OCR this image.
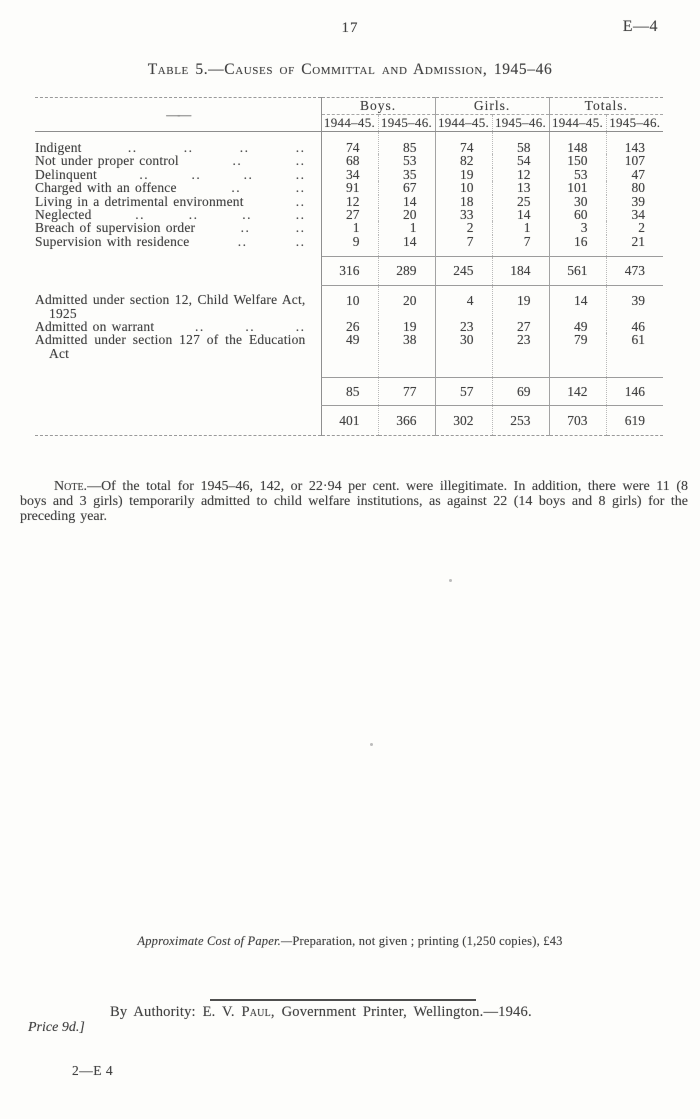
17	E—4
Table 5.—Causes of Committal and Admission, 1945–46
——	Boys.		Girls.		Totals.	
	1944–45.	1945–46.	1944–45.	1945–46.	1944–45.	1945–46.

Indigent .. .. .. ..	74	85	74	58	148	143

Not under proper control .. ..	68	53	82	54	150	107

Delinquent .. .. .. ..	34	35	19	12	53	47

Charged with an offence .. ..	91	67	10	13	101	80

Living in a detrimental environment ..	12	14	18	25	30	39

Neglected .. .. .. ..	27	20	33	14	60	34

Breach of supervision order .. ..	1	1	2	1	3	2

Supervision with residence .. ..	9	14	7	7	16	21
	316	289	245	184	561	473

Admitted under section 12, Child Welfare Act, 1925	10	20	4	19	14	39

Admitted on warrant .. .. ..	26	19	23	27	49	46

Admitted under section 127 of the Education Act	49	38	30	23	79	61
	85	77	57	69	142	146
	401	366	302	253	703	619

Note.—Of the total for 1945–46, 142, or 22·94 per cent. were illegitimate. In addition, there were 11 (8 boys and 3 girls) temporarily admitted to child welfare institutions, as against 22 (14 boys and 8 girls) for the preceding year.

Approximate Cost of Paper.—Preparation, not given ; printing (1,250 copies), £43
By Authority: E. V. Paul, Government Printer, Wellington.—1946.
Price 9d.]
2—E 4
